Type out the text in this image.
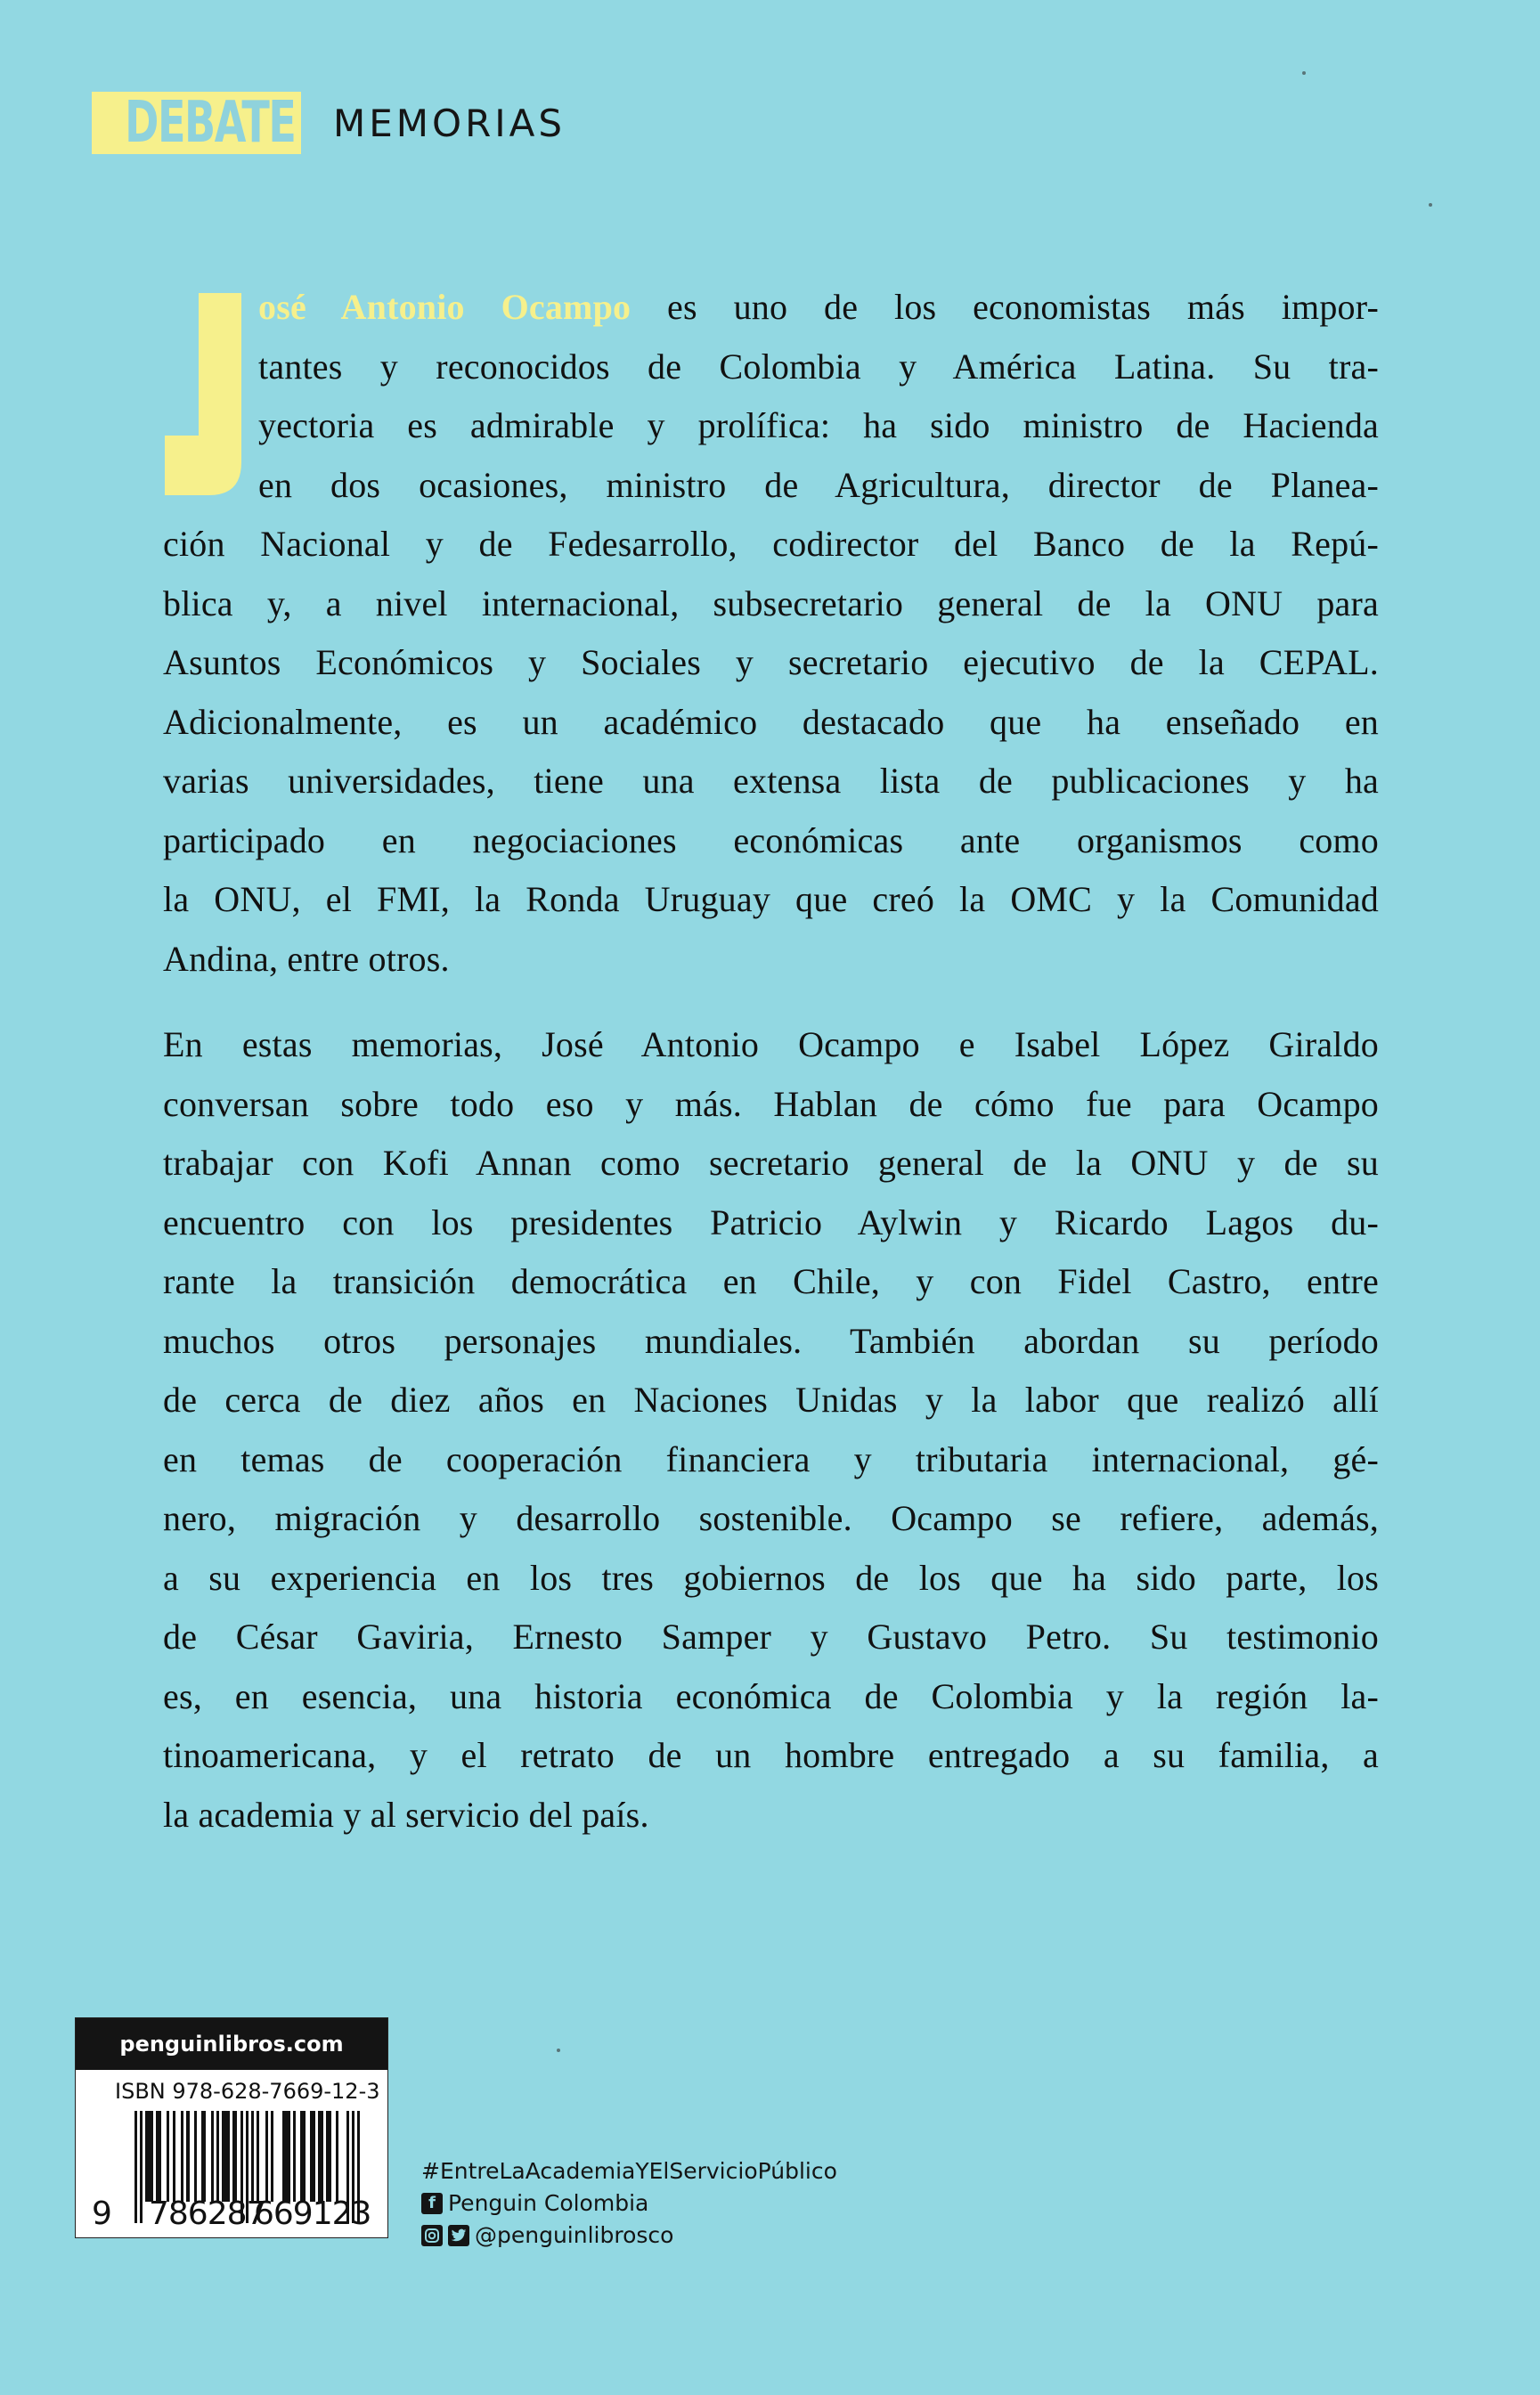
DEBATE MEMORIAS

osé Antonio Ocampo es uno de los economistas más impor-
tantes y reconocidos de Colombia y América Latina. Su tra-
yectoria es admirable y prolífica: ha sido ministro de Hacienda
en dos ocasiones, ministro de Agricultura, director de Planea-
ción Nacional y de Fedesarrollo, codirector del Banco de la Repú-
blica y, a nivel internacional, subsecretario general de la ONU para
Asuntos Económicos y Sociales y secretario ejecutivo de la CEPAL.
Adicionalmente, es un académico destacado que ha enseñado en
varias universidades, tiene una extensa lista de publicaciones y ha
participado en negociaciones económicas ante organismos como
la ONU, el FMI, la Ronda Uruguay que creó la OMC y la Comunidad
Andina, entre otros.

En estas memorias, José Antonio Ocampo e Isabel López Giraldo
conversan sobre todo eso y más. Hablan de cómo fue para Ocampo
trabajar con Kofi Annan como secretario general de la ONU y de su
encuentro con los presidentes Patricio Aylwin y Ricardo Lagos du-
rante la transición democrática en Chile, y con Fidel Castro, entre
muchos otros personajes mundiales. También abordan su período
de cerca de diez años en Naciones Unidas y la labor que realizó allí
en temas de cooperación financiera y tributaria internacional, gé-
nero, migración y desarrollo sostenible. Ocampo se refiere, además,
a su experiencia en los tres gobiernos de los que ha sido parte, los
de César Gaviria, Ernesto Samper y Gustavo Petro. Su testimonio
es, en esencia, una historia económica de Colombia y la región la-
tinoamericana, y el retrato de un hombre entregado a su familia, a
la academia y al servicio del país.

penguinlibros.com
ISBN 978-628-7669-12-3
9 786287
669123
#EntreLaAcademiaYElServicioPúblico
f Penguin Colombia
@penguinlibrosco
